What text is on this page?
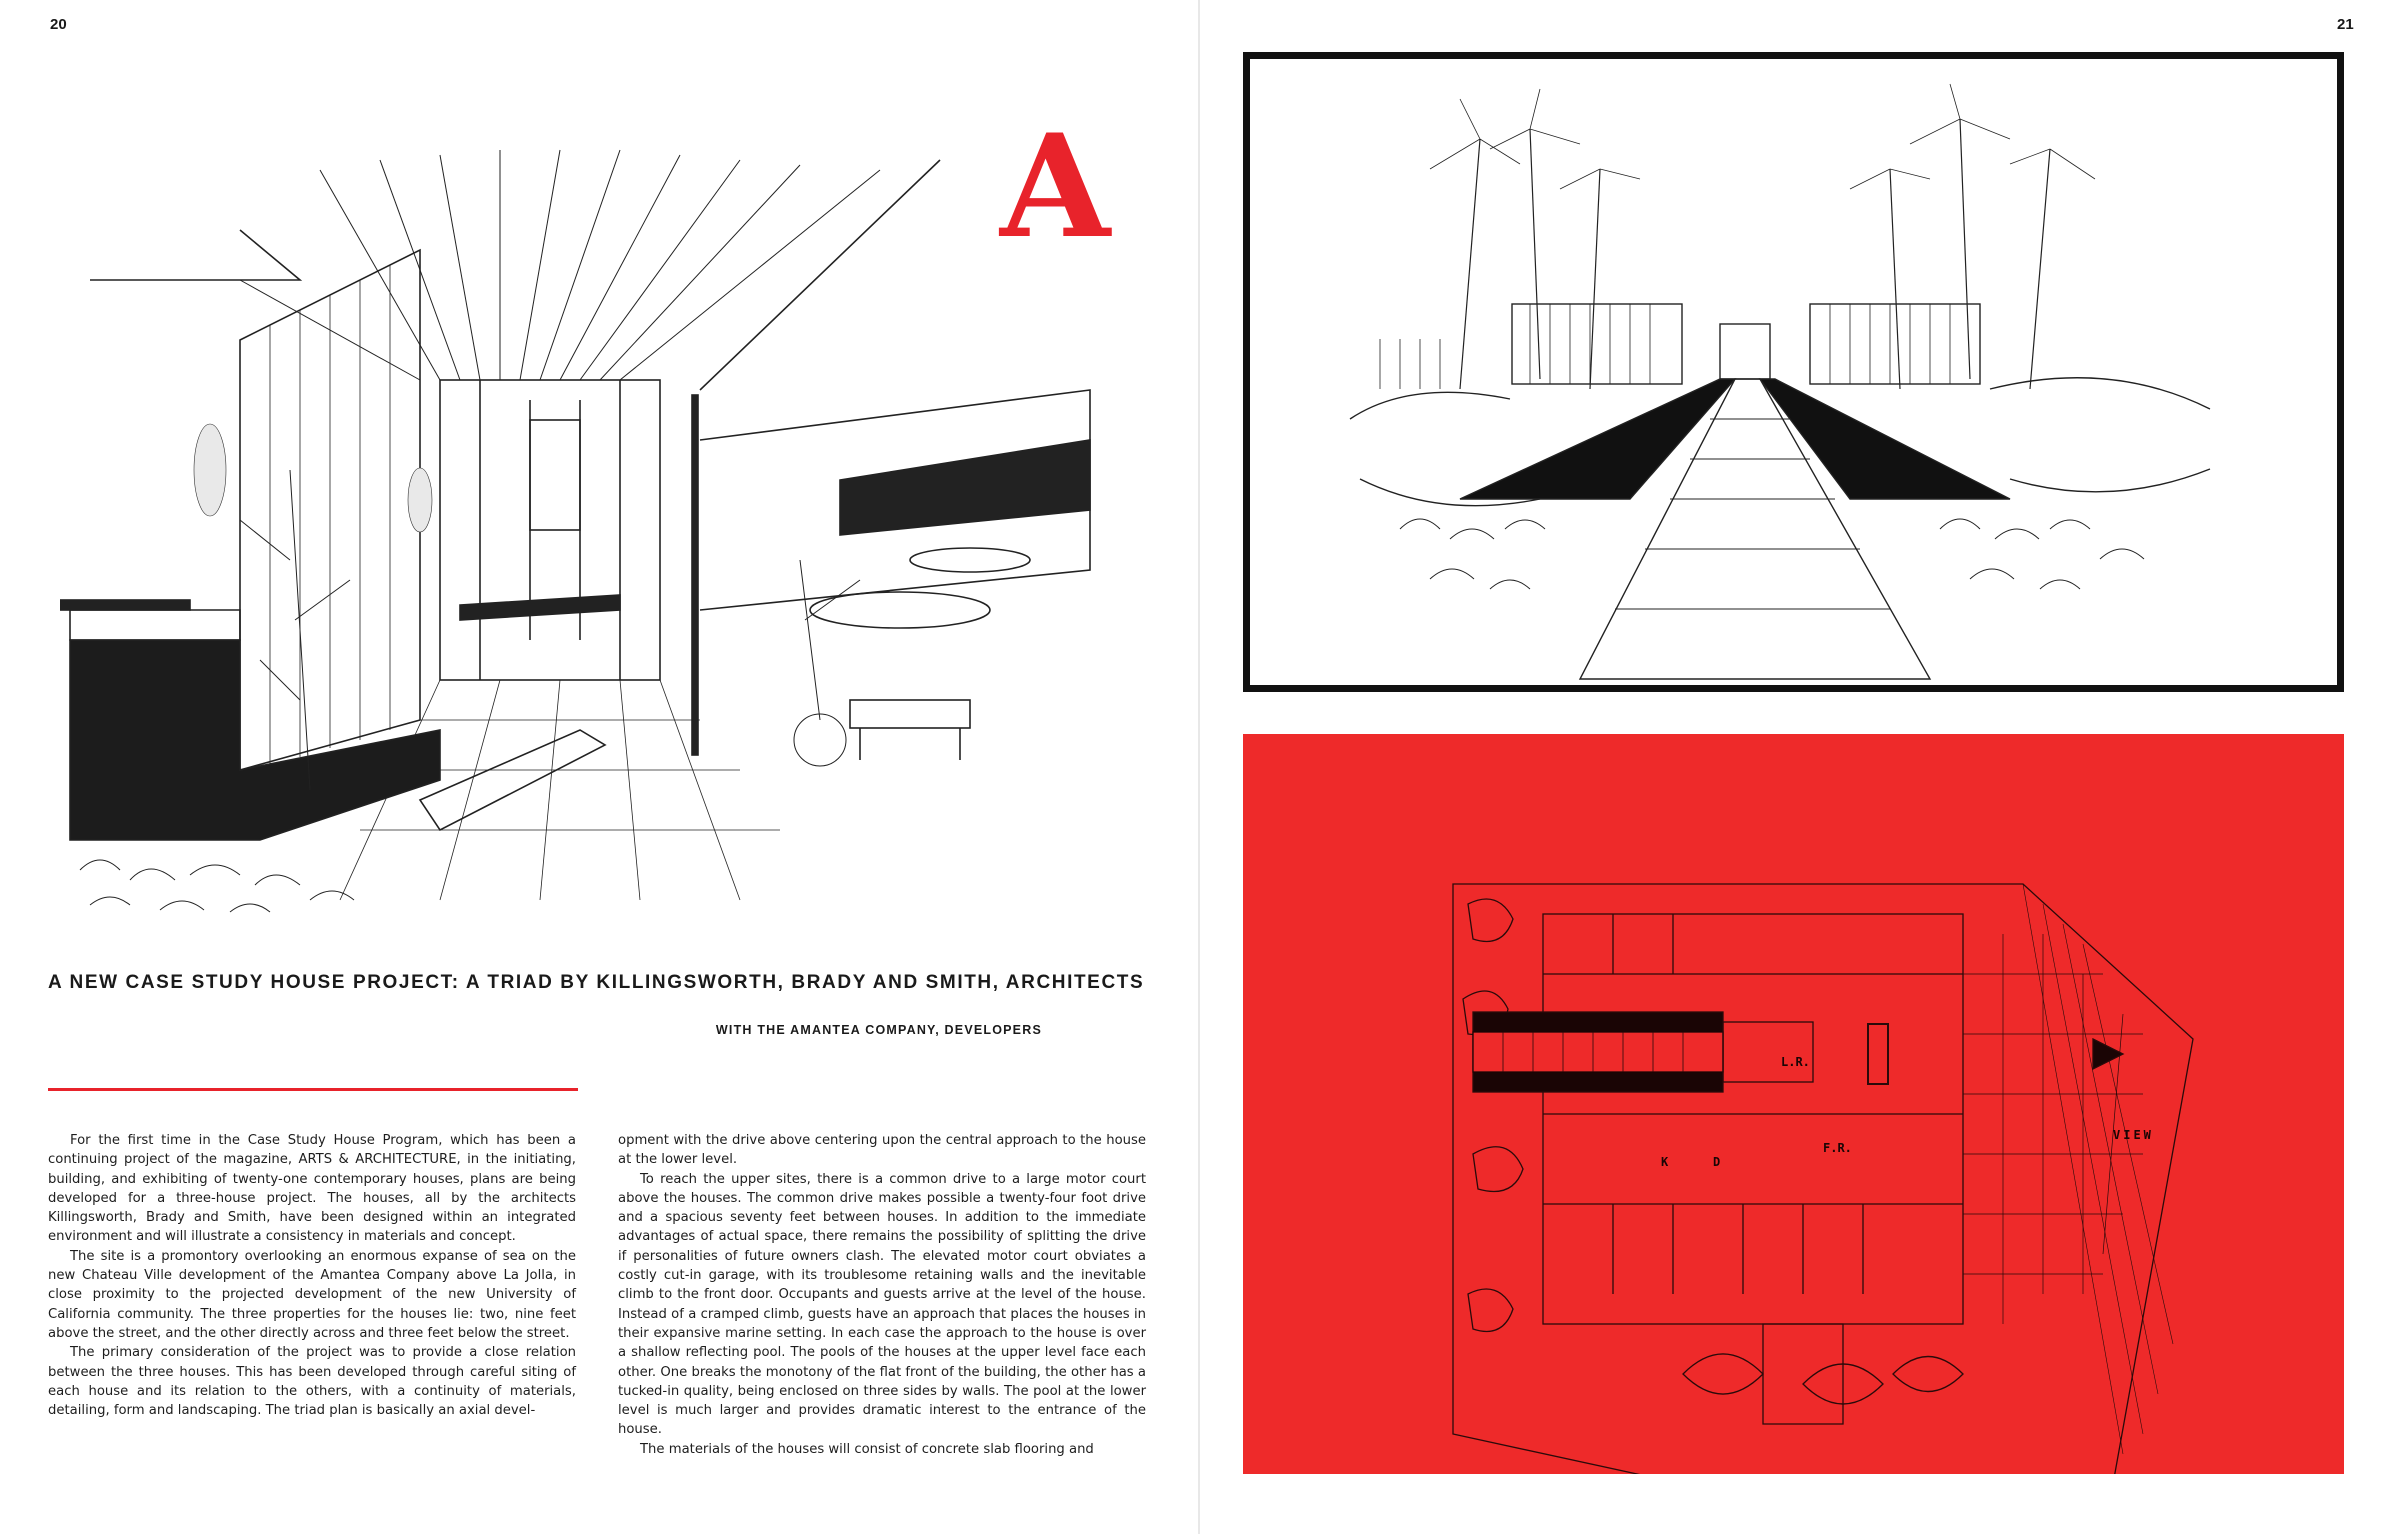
20
A
A NEW CASE STUDY HOUSE PROJECT: A TRIAD BY KILLINGSWORTH, BRADY AND SMITH, ARCHITECTS
WITH THE AMANTEA COMPANY, DEVELOPERS

For the first time in the Case Study House Program, which has been a continuing project of the magazine, ARTS & ARCHITECTURE, in the initiating, building, and exhibiting of twenty-one contemporary houses, plans are being developed for a three-house project. The houses, all by the architects Killingsworth, Brady and Smith, have been designed within an integrated environment and will illustrate a consistency in materials and concept.

The site is a promontory overlooking an enormous expanse of sea on the new Chateau Ville development of the Amantea Company above La Jolla, in close proximity to the projected development of the new University of California community. The three properties for the houses lie: two, nine feet above the street, and the other directly across and three feet below the street.

The primary consideration of the project was to provide a close relation between the three houses. This has been developed through careful siting of each house and its relation to the others, with a continuity of materials, detailing, form and landscaping. The triad plan is basically an axial devel-

opment with the drive above centering upon the central approach to the house at the lower level.

To reach the upper sites, there is a common drive to a large motor court above the houses. The common drive makes possible a twenty-four foot drive and a spacious seventy feet between houses. In addition to the immediate advantages of actual space, there remains the possibility of splitting the drive if personalities of future owners clash. The elevated motor court obviates a costly cut-in garage, with its troublesome retaining walls and the inevitable climb to the front door. Occupants and guests arrive at the level of the house. Instead of a cramped climb, guests have an approach that places the houses in their expansive marine setting. In each case the approach to the house is over a shallow reflecting pool. The pools of the houses at the upper level face each other. One breaks the monotony of the flat front of the building, the other has a tucked-in quality, being enclosed on three sides by walls. The pool at the lower level is much larger and provides dramatic interest to the entrance of the house.

The materials of the houses will consist of concrete slab flooring and

21
L.R.
F.R.
VIEW
K	D
